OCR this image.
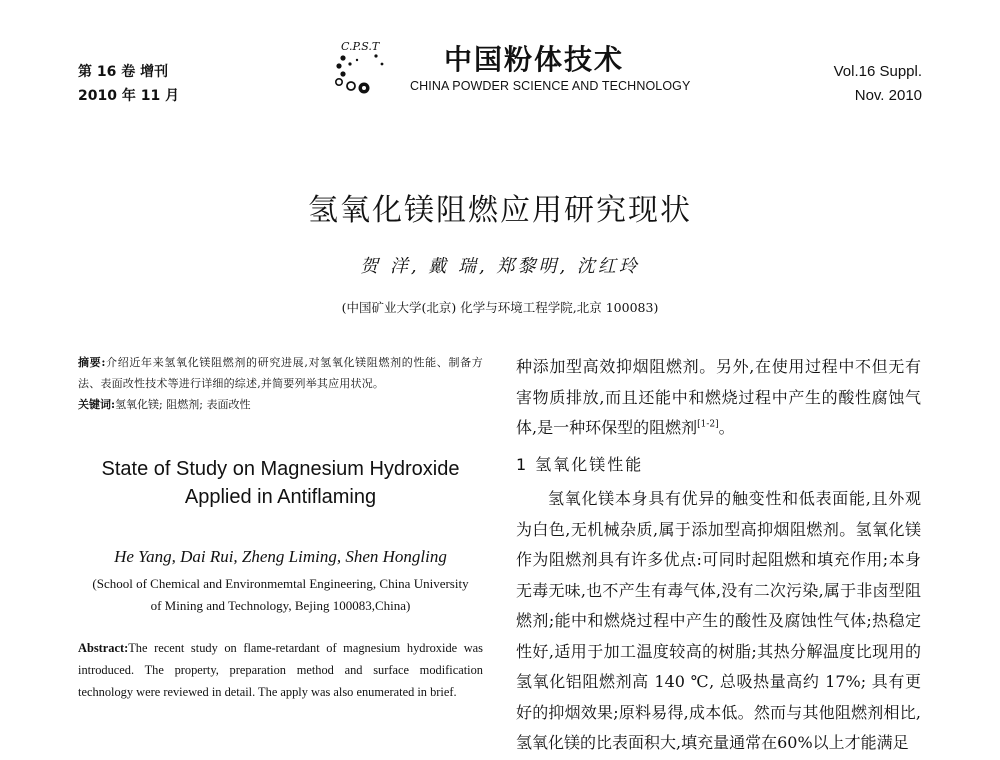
第 16 卷 增刊
2010 年 11 月
C.P.S.T 中国粉体技术
CHINA POWDER SCIENCE AND TECHNOLOGY
Vol.16 Suppl.
Nov. 2010
氢氧化镁阻燃应用研究现状
贺 洋, 戴 瑞, 郑黎明, 沈红玲
(中国矿业大学(北京) 化学与环境工程学院,北京 100083)
摘要:介绍近年来氢氧化镁阻燃剂的研究进展,对氢氧化镁阻燃剂的性能、制备方法、表面改性技术等进行详细的综述,并简要列举其应用状况。
关键词:氢氧化镁; 阻燃剂; 表面改性
State of Study on Magnesium Hydroxide Applied in Antiflaming
He Yang, Dai Rui, Zheng Liming, Shen Hongling
(School of Chemical and Environmemtal Engineering, China University
of Mining and Technology, Bejing 100083,China)
Abstract:The recent study on flame-retardant of magnesium hydroxide was introduced. The property, preparation method and surface modification technology were reviewed in detail. The apply was also enumerated in brief.

种添加型高效抑烟阻燃剂。另外,在使用过程中不但无有害物质排放,而且还能中和燃烧过程中产生的酸性腐蚀气体,是一种环保型的阻燃剂[1-2]。

1 氢氧化镁性能

氢氧化镁本身具有优异的触变性和低表面能,且外观为白色,无机械杂质,属于添加型高抑烟阻燃剂。氢氧化镁作为阻燃剂具有许多优点:可同时起阻燃和填充作用;本身无毒无味,也不产生有毒气体,没有二次污染,属于非卤型阻燃剂;能中和燃烧过程中产生的酸性及腐蚀性气体;热稳定性好,适用于加工温度较高的树脂;其热分解温度比现用的氢氧化铝阻燃剂高 140 ℃, 总吸热量高约 17%; 具有更好的抑烟效果;原料易得,成本低。然而与其他阻燃剂相比,氢氧化镁的比表面积大,填充量通常在60%以上才能满足
